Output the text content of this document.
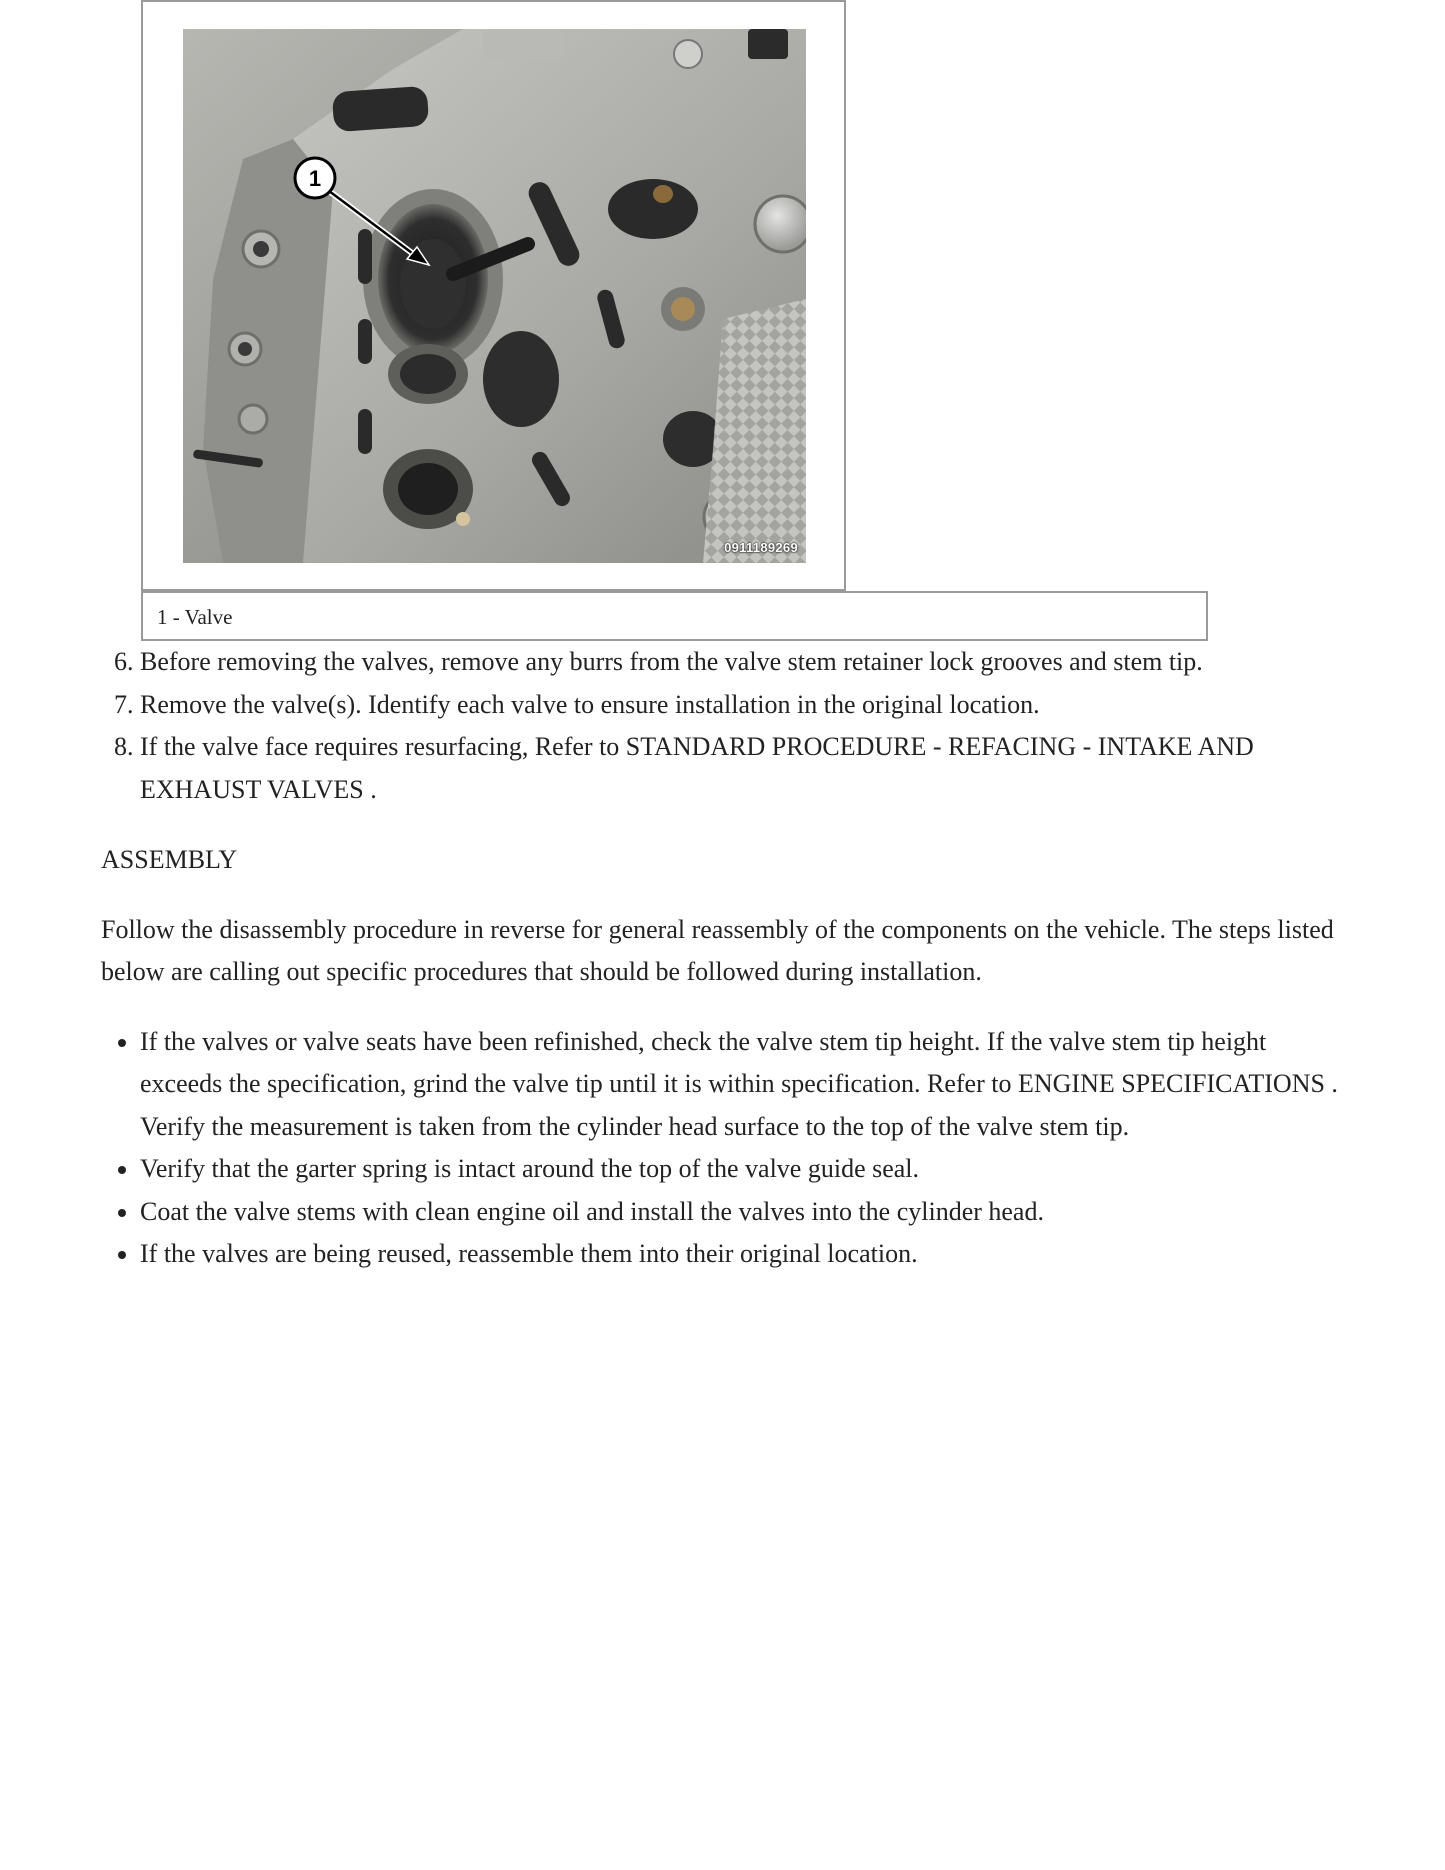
1
0911189269
1 - Valve
6. Before removing the valves, remove any burrs from the valve stem retainer lock grooves and stem tip.
7. Remove the valve(s). Identify each valve to ensure installation in the original location.
8. If the valve face requires resurfacing, Refer to STANDARD PROCEDURE - REFACING - INTAKE AND EXHAUST VALVES .
ASSEMBLY
Follow the disassembly procedure in reverse for general reassembly of the components on the vehicle. The steps listed below are calling out specific procedures that should be followed during installation.
• If the valves or valve seats have been refinished, check the valve stem tip height. If the valve stem tip height exceeds the specification, grind the valve tip until it is within specification. Refer to ENGINE SPECIFICATIONS . Verify the measurement is taken from the cylinder head surface to the top of the valve stem tip.
• Verify that the garter spring is intact around the top of the valve guide seal.
• Coat the valve stems with clean engine oil and install the valves into the cylinder head.
• If the valves are being reused, reassemble them into their original location.
